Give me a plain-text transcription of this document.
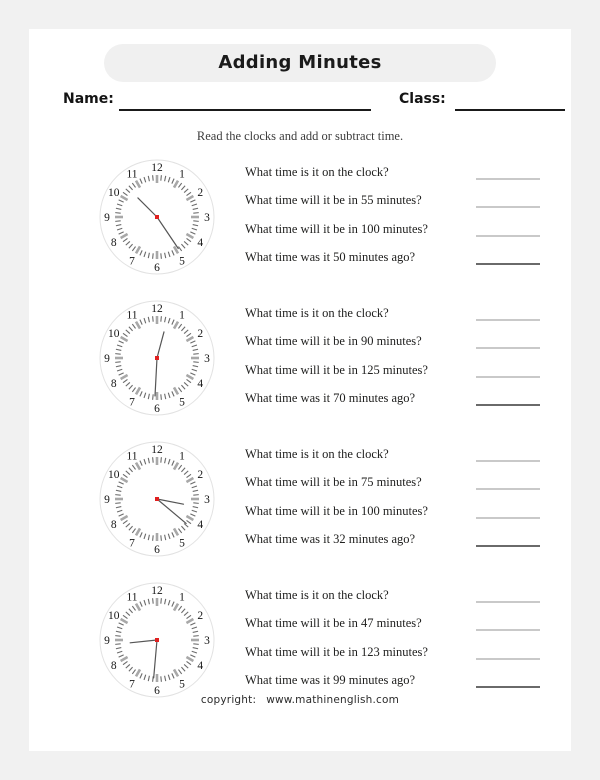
Adding Minutes
Name:	Class:
Read the clocks and add or subtract time.
12
1
2
3
4
5
6
7
8
9
10
11	What time is it on the clock?
What time will it be in 55 minutes?
What time will it be in 100 minutes?
What time was it 50 minutes ago?
12
1
2
3
4
5
6
7
8
9
10
11	What time is it on the clock?
What time will it be in 90 minutes?
What time will it be in 125 minutes?
What time was it 70 minutes ago?
12
1
2
3
4
5
6
7
8
9
10
11	What time is it on the clock?
What time will it be in 75 minutes?
What time will it be in 100 minutes?
What time was it 32 minutes ago?
12
1
2
3
4
5
6
7
8
9
10
11	What time is it on the clock?
What time will it be in 47 minutes?
What time will it be in 123 minutes?
What time was it 99 minutes ago?
copyright: www.mathinenglish.com
